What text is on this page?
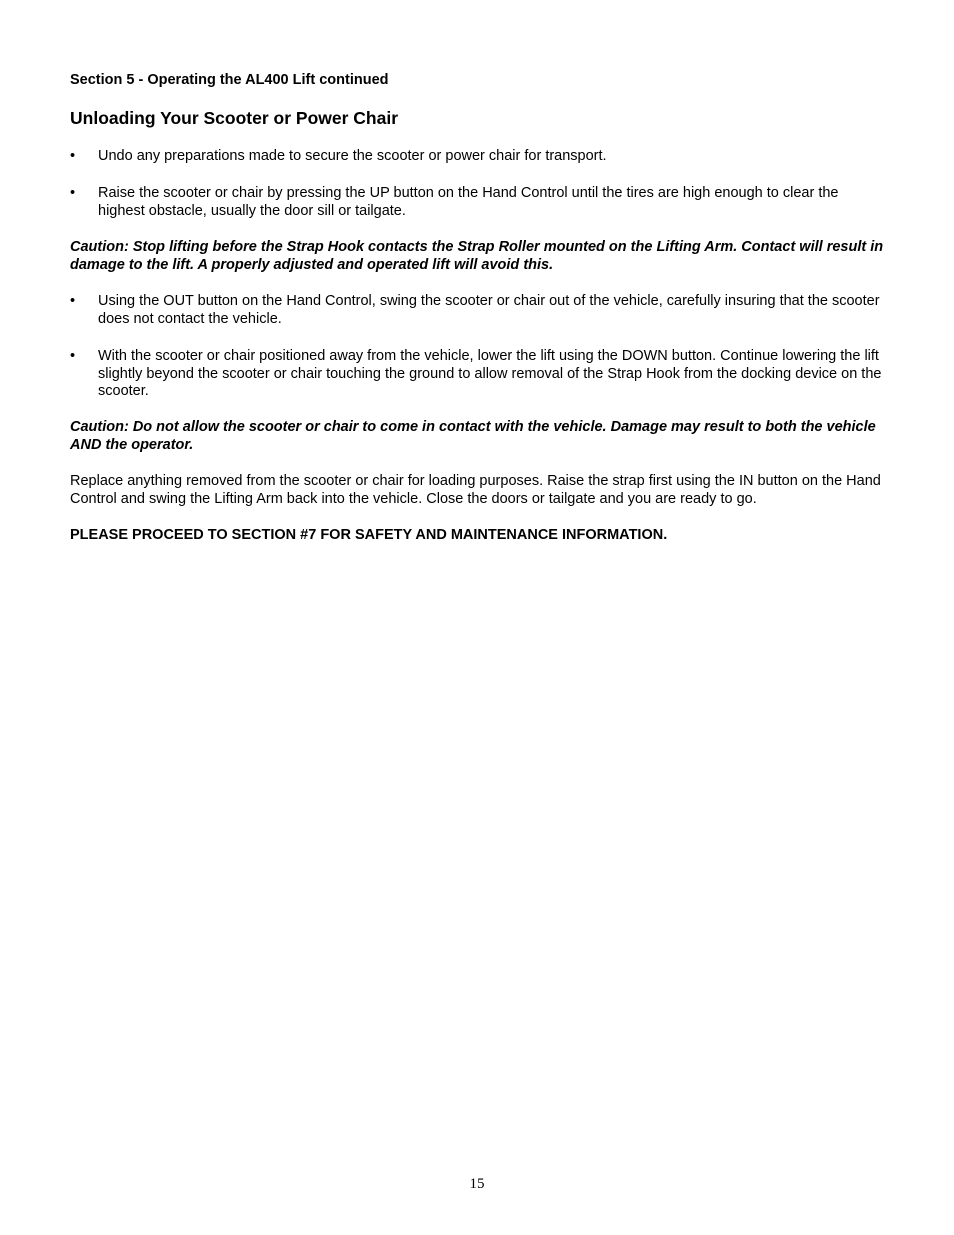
Section 5 - Operating the AL400 Lift continued
Unloading Your Scooter or Power Chair
•	Undo any preparations made to secure the scooter or power chair for transport.
•	Raise the scooter or chair by pressing the UP button on the Hand Control until the tires are high enough to clear the highest obstacle, usually the door sill or tailgate.
Caution: Stop lifting before the Strap Hook contacts the Strap Roller mounted on the Lifting Arm. Contact will result in damage to the lift. A properly adjusted and operated lift will avoid this.
•	Using the OUT button on the Hand Control, swing the scooter or chair out of the vehicle, carefully insuring that the scooter does not contact the vehicle.
•	With the scooter or chair positioned away from the vehicle, lower the lift using the DOWN button. Continue lowering the lift slightly beyond the scooter or chair touching the ground to allow removal of the Strap Hook from the docking device on the scooter.
Caution: Do not allow the scooter or chair to come in contact with the vehicle. Damage may result to both the vehicle AND the operator.
Replace anything removed from the scooter or chair for loading purposes. Raise the strap first using the IN button on the Hand Control and swing the Lifting Arm back into the vehicle. Close the doors or tailgate and you are ready to go.
PLEASE PROCEED TO SECTION #7 FOR SAFETY AND MAINTENANCE INFORMATION.
15
